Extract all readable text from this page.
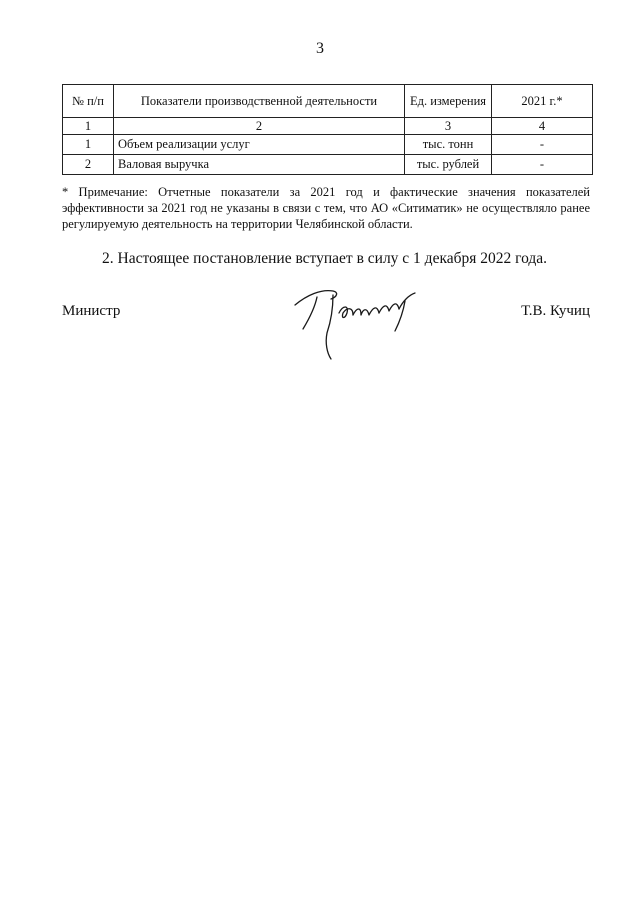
3
№ п/п	Показатели производственной деятельности	Ед. измерения	2021 г.*
1	2	3	4
1	Объем реализации услуг	тыс. тонн	-
2	Валовая выручка	тыс. рублей	-

* Примечание: Отчетные показатели за 2021 год и фактические значения показателей эффективности за 2021 год не указаны в связи с тем, что АО «Ситиматик» не осуществляло ранее регулируемую деятельность на территории Челябинской области.

2. Настоящее постановление вступает в силу с 1 декабря 2022 года.
Министр	Т.В. Кучиц
